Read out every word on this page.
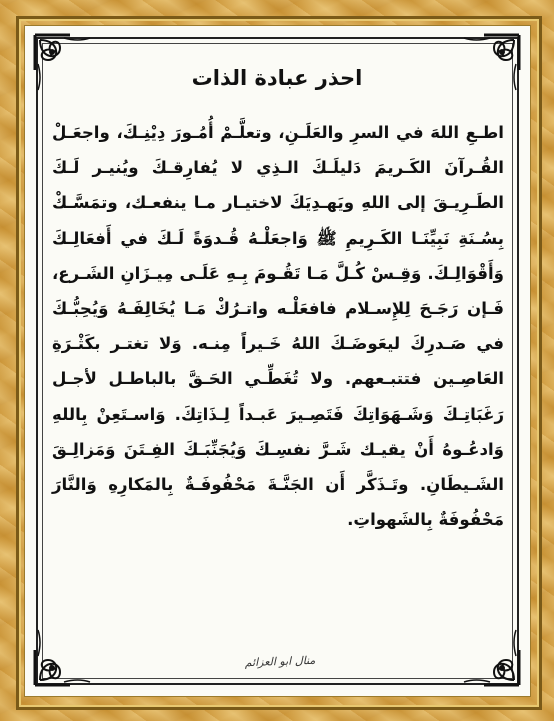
احذر عبادة الذات
اطـعِ اللهَ في السرِ والعَلَـنِ، وتعلَّـمْ أُمُـورَ دِيْنِـكَ، واجعَـلْ القُـرآنَ الكَـريمَ دَليلَـكَ الـذِي لا يُفارِقـكَ ويُنيـر لَـكَ الطَـرِيـقَ إلى اللهِ ويَهـدِيَكَ لاختيـار مـا ينفعـك، وتمَسَّـكْ بِسُـنَةِ نَبِيِّنَـا الكَـرِيمِ ﷺ وَاجعَلْـهُ قُـدوَةً لَـكَ في أَفعَالِـكَ وَأَقْوَالِـكَ. وَقِـسْ كُـلَّ مَـا تَقُـومَ بِـهِ عَلَـى مِيـزَانِ الشَـرع، فَـإن رَجَـحَ لِلإِسـلام فافعَلْـه واتـرُكْ مَـا يُخَالِفَـهُ وَيُحِبُّـكَ في صَـدرِكَ ليعَوضَـكَ اللهُ خَـيراً مِنـه. وَلا تغتـر بكَثْـرَةِ العَاصِـين فتتبـعهم. ولا تُغَطِّـي الحَـقَّ بالباطـل لأجـل رَغَبَاتِـكَ وَشَـهَوَاتِكَ فَتَصِـيرَ عَبـداً لِـذَاتِكَ. وَاسـتَعِنْ بِاللهِ وَادعُـوهُ أَنْ يقيـك شَـرَّ نفسِـكَ وَيُجَنِّبَـكَ الفِـتَنَ وَمَزالِـقَ الشَـيطَانِ. وتَـذَكَّر أَن الجَنَّـةَ مَحْفُوفَـةٌ بِالمَكارِهِ وَالنَّارَ مَحْفُوفَةٌ بِالشَهواتِ.
منال ابو العزائم
